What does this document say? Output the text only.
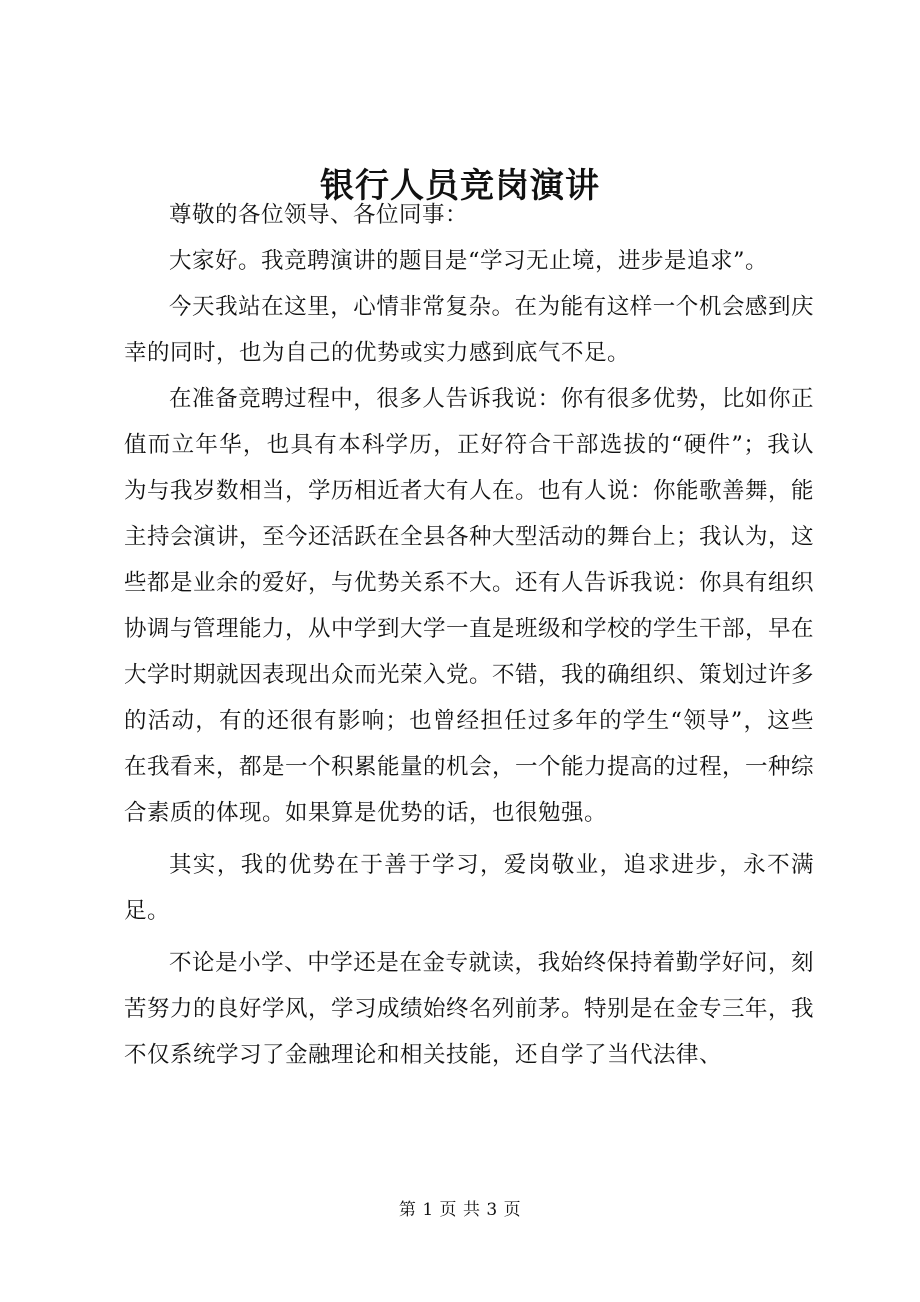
银行人员竞岗演讲

尊敬的各位领导、各位同事：

大家好。我竞聘演讲的题目是“学习无止境，进步是追求”。

今天我站在这里，心情非常复杂。在为能有这样一个机会感到庆幸的同时，也为自己的优势或实力感到底气不足。

在准备竞聘过程中，很多人告诉我说：你有很多优势，比如你正值而立年华，也具有本科学历，正好符合干部选拔的“硬件”；我认为与我岁数相当，学历相近者大有人在。也有人说：你能歌善舞，能主持会演讲，至今还活跃在全县各种大型活动的舞台上；我认为，这些都是业余的爱好，与优势关系不大。还有人告诉我说：你具有组织协调与管理能力，从中学到大学一直是班级和学校的学生干部，早在大学时期就因表现出众而光荣入党。不错，我的确组织、策划过许多的活动，有的还很有影响；也曾经担任过多年的学生“领导”，这些在我看来，都是一个积累能量的机会，一个能力提高的过程，一种综合素质的体现。如果算是优势的话，也很勉强。

其实，我的优势在于善于学习，爱岗敬业，追求进步，永不满足。

不论是小学、中学还是在金专就读，我始终保持着勤学好问，刻苦努力的良好学风，学习成绩始终名列前茅。特别是在金专三年，我不仅系统学习了金融理论和相关技能，还自学了当代法律、

第 1 页 共 3 页
